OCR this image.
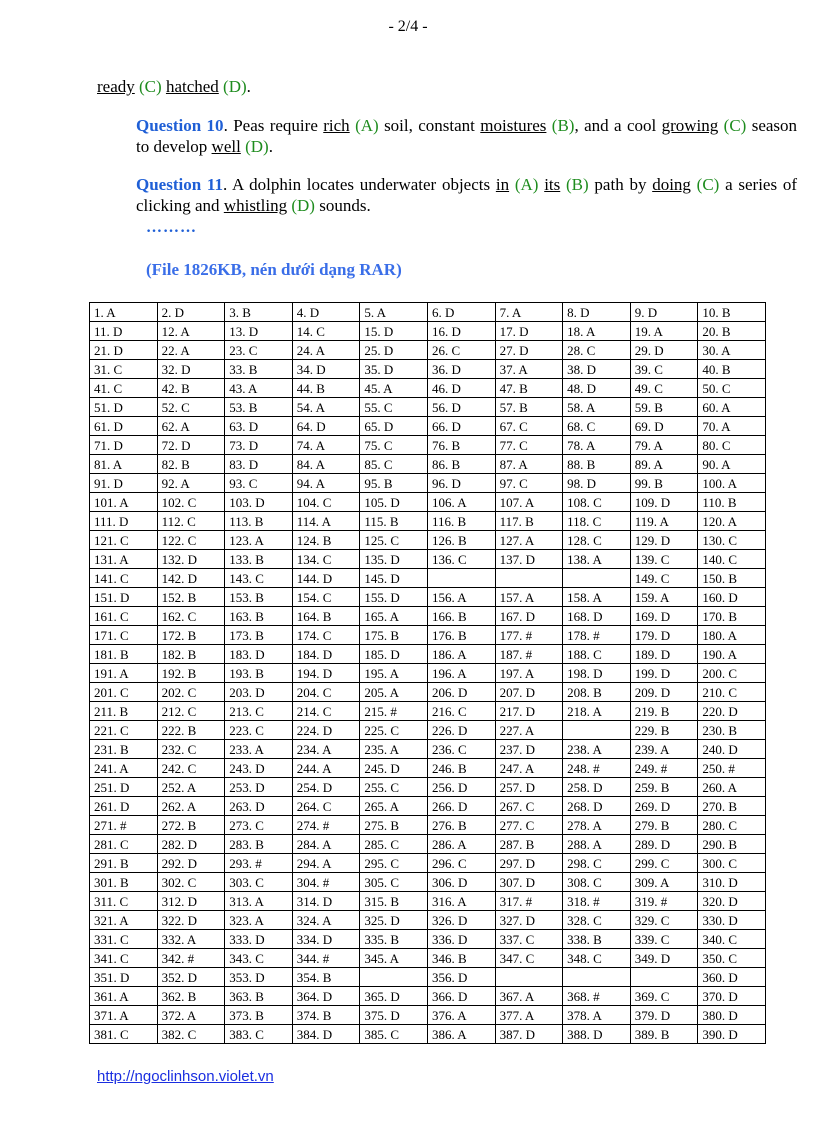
- 2/4 -
ready (C) hatched (D).
Question 10. Peas require rich (A) soil, constant moistures (B), and a cool growing (C) season to develop well (D).
Question 11. A dolphin locates underwater objects in (A) its (B) path by doing (C) a series of clicking and whistling (D) sounds.
………
(File 1826KB, nén dưới dạng RAR)
1. A	2. D	3. B	4. D	5. A	6. D	7. A	8. D	9. D	10. B
11. D	12. A	13. D	14. C	15. D	16. D	17. D	18. A	19. A	20. B
21. D	22. A	23. C	24. A	25. D	26. C	27. D	28. C	29. D	30. A
31. C	32. D	33. B	34. D	35. D	36. D	37. A	38. D	39. C	40. B
41. C	42. B	43. A	44. B	45. A	46. D	47. B	48. D	49. C	50. C
51. D	52. C	53. B	54. A	55. C	56. D	57. B	58. A	59. B	60. A
61. D	62. A	63. D	64. D	65. D	66. D	67. C	68. C	69. D	70. A
71. D	72. D	73. D	74. A	75. C	76. B	77. C	78. A	79. A	80. C
81. A	82. B	83. D	84. A	85. C	86. B	87. A	88. B	89. A	90. A
91. D	92. A	93. C	94. A	95. B	96. D	97. C	98. D	99. B	100. A
101. A	102. C	103. D	104. C	105. D	106. A	107. A	108. C	109. D	110. B
111. D	112. C	113. B	114. A	115. B	116. B	117. B	118. C	119. A	120. A
121. C	122. C	123. A	124. B	125. C	126. B	127. A	128. C	129. D	130. C
131. A	132. D	133. B	134. C	135. D	136. C	137. D	138. A	139. C	140. C
141. C	142. D	143. C	144. D	145. D				149. C	150. B
151. D	152. B	153. B	154. C	155. D	156. A	157. A	158. A	159. A	160. D
161. C	162. C	163. B	164. B	165. A	166. B	167. D	168. D	169. D	170. B
171. C	172. B	173. B	174. C	175. B	176. B	177. #	178. #	179. D	180. A
181. B	182. B	183. D	184. D	185. D	186. A	187. #	188. C	189. D	190. A
191. A	192. B	193. B	194. D	195. A	196. A	197. A	198. D	199. D	200. C
201. C	202. C	203. D	204. C	205. A	206. D	207. D	208. B	209. D	210. C
211. B	212. C	213. C	214. C	215. #	216. C	217. D	218. A	219. B	220. D
221. C	222. B	223. C	224. D	225. C	226. D	227. A		229. B	230. B
231. B	232. C	233. A	234. A	235. A	236. C	237. D	238. A	239. A	240. D
241. A	242. C	243. D	244. A	245. D	246. B	247. A	248. #	249. #	250. #
251. D	252. A	253. D	254. D	255. C	256. D	257. D	258. D	259. B	260. A
261. D	262. A	263. D	264. C	265. A	266. D	267. C	268. D	269. D	270. B
271. #	272. B	273. C	274. #	275. B	276. B	277. C	278. A	279. B	280. C
281. C	282. D	283. B	284. A	285. C	286. A	287. B	288. A	289. D	290. B
291. B	292. D	293. #	294. A	295. C	296. C	297. D	298. C	299. C	300. C
301. B	302. C	303. C	304. #	305. C	306. D	307. D	308. C	309. A	310. D
311. C	312. D	313. A	314. D	315. B	316. A	317. #	318. #	319. #	320. D
321. A	322. D	323. A	324. A	325. D	326. D	327. D	328. C	329. C	330. D
331. C	332. A	333. D	334. D	335. B	336. D	337. C	338. B	339. C	340. C
341. C	342. #	343. C	344. #	345. A	346. B	347. C	348. C	349. D	350. C
351. D	352. D	353. D	354. B		356. D				360. D
361. A	362. B	363. B	364. D	365. D	366. D	367. A	368. #	369. C	370. D
371. A	372. A	373. B	374. B	375. D	376. A	377. A	378. A	379. D	380. D
381. C	382. C	383. C	384. D	385. C	386. A	387. D	388. D	389. B	390. D
http://ngoclinhson.violet.vn
